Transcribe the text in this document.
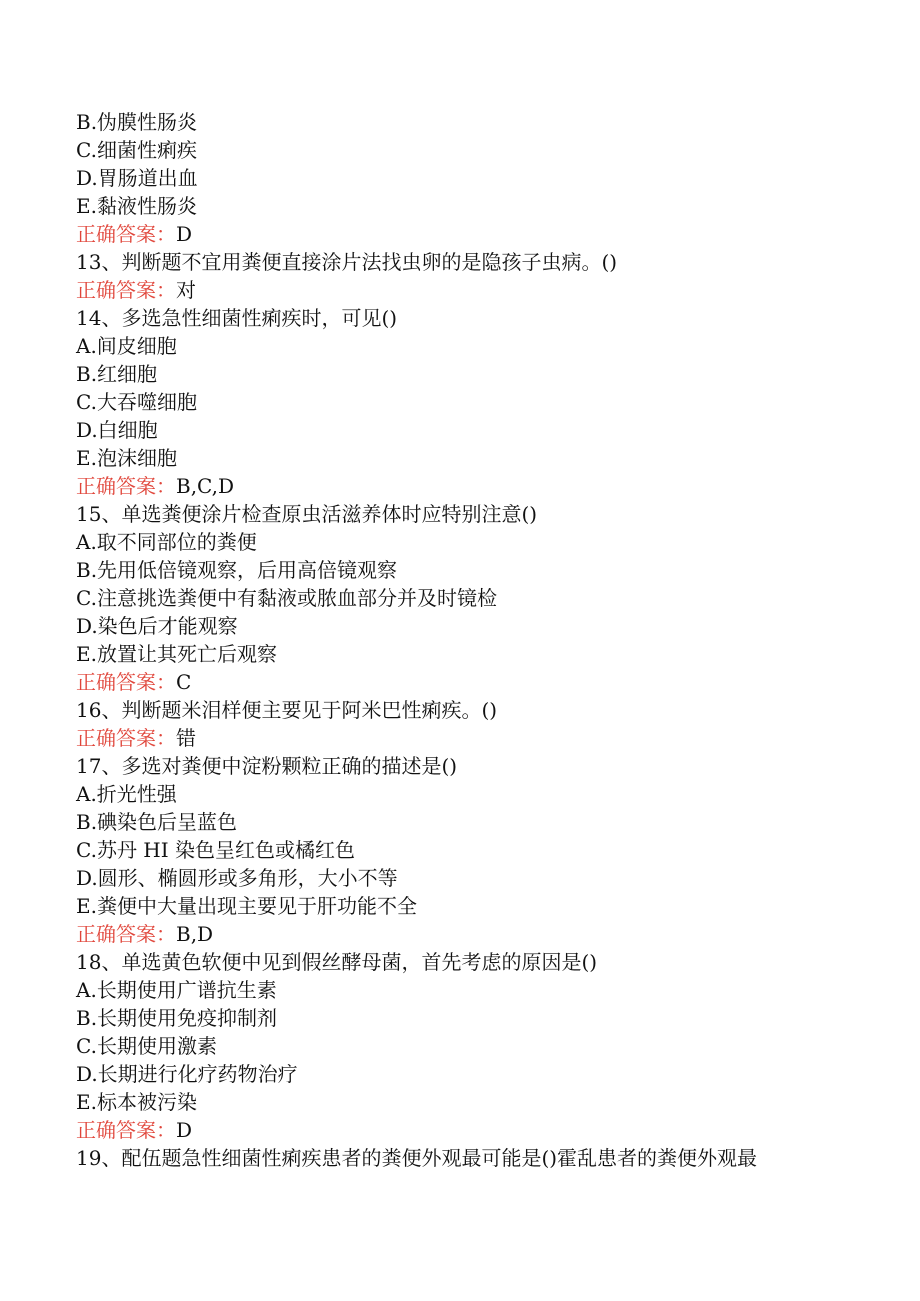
B.伪膜性肠炎
C.细菌性痢疾
D.胃肠道出血
E.黏液性肠炎
正确答案：D
13、判断题不宜用粪便直接涂片法找虫卵的是隐孩子虫病。()
正确答案：对
14、多选急性细菌性痢疾时，可见()
A.间皮细胞
B.红细胞
C.大吞噬细胞
D.白细胞
E.泡沫细胞
正确答案：B,C,D
15、单选粪便涂片检查原虫活滋养体时应特别注意()
A.取不同部位的粪便
B.先用低倍镜观察，后用高倍镜观察
C.注意挑选粪便中有黏液或脓血部分并及时镜检
D.染色后才能观察
E.放置让其死亡后观察
正确答案：C
16、判断题米泪样便主要见于阿米巴性痢疾。()
正确答案：错
17、多选对粪便中淀粉颗粒正确的描述是()
A.折光性强
B.碘染色后呈蓝色
C.苏丹 HI 染色呈红色或橘红色
D.圆形、椭圆形或多角形，大小不等
E.粪便中大量出现主要见于肝功能不全
正确答案：B,D
18、单选黄色软便中见到假丝酵母菌，首先考虑的原因是()
A.长期使用广谱抗生素
B.长期使用免疫抑制剂
C.长期使用激素
D.长期进行化疗药物治疗
E.标本被污染
正确答案：D
19、配伍题急性细菌性痢疾患者的粪便外观最可能是()霍乱患者的粪便外观最
